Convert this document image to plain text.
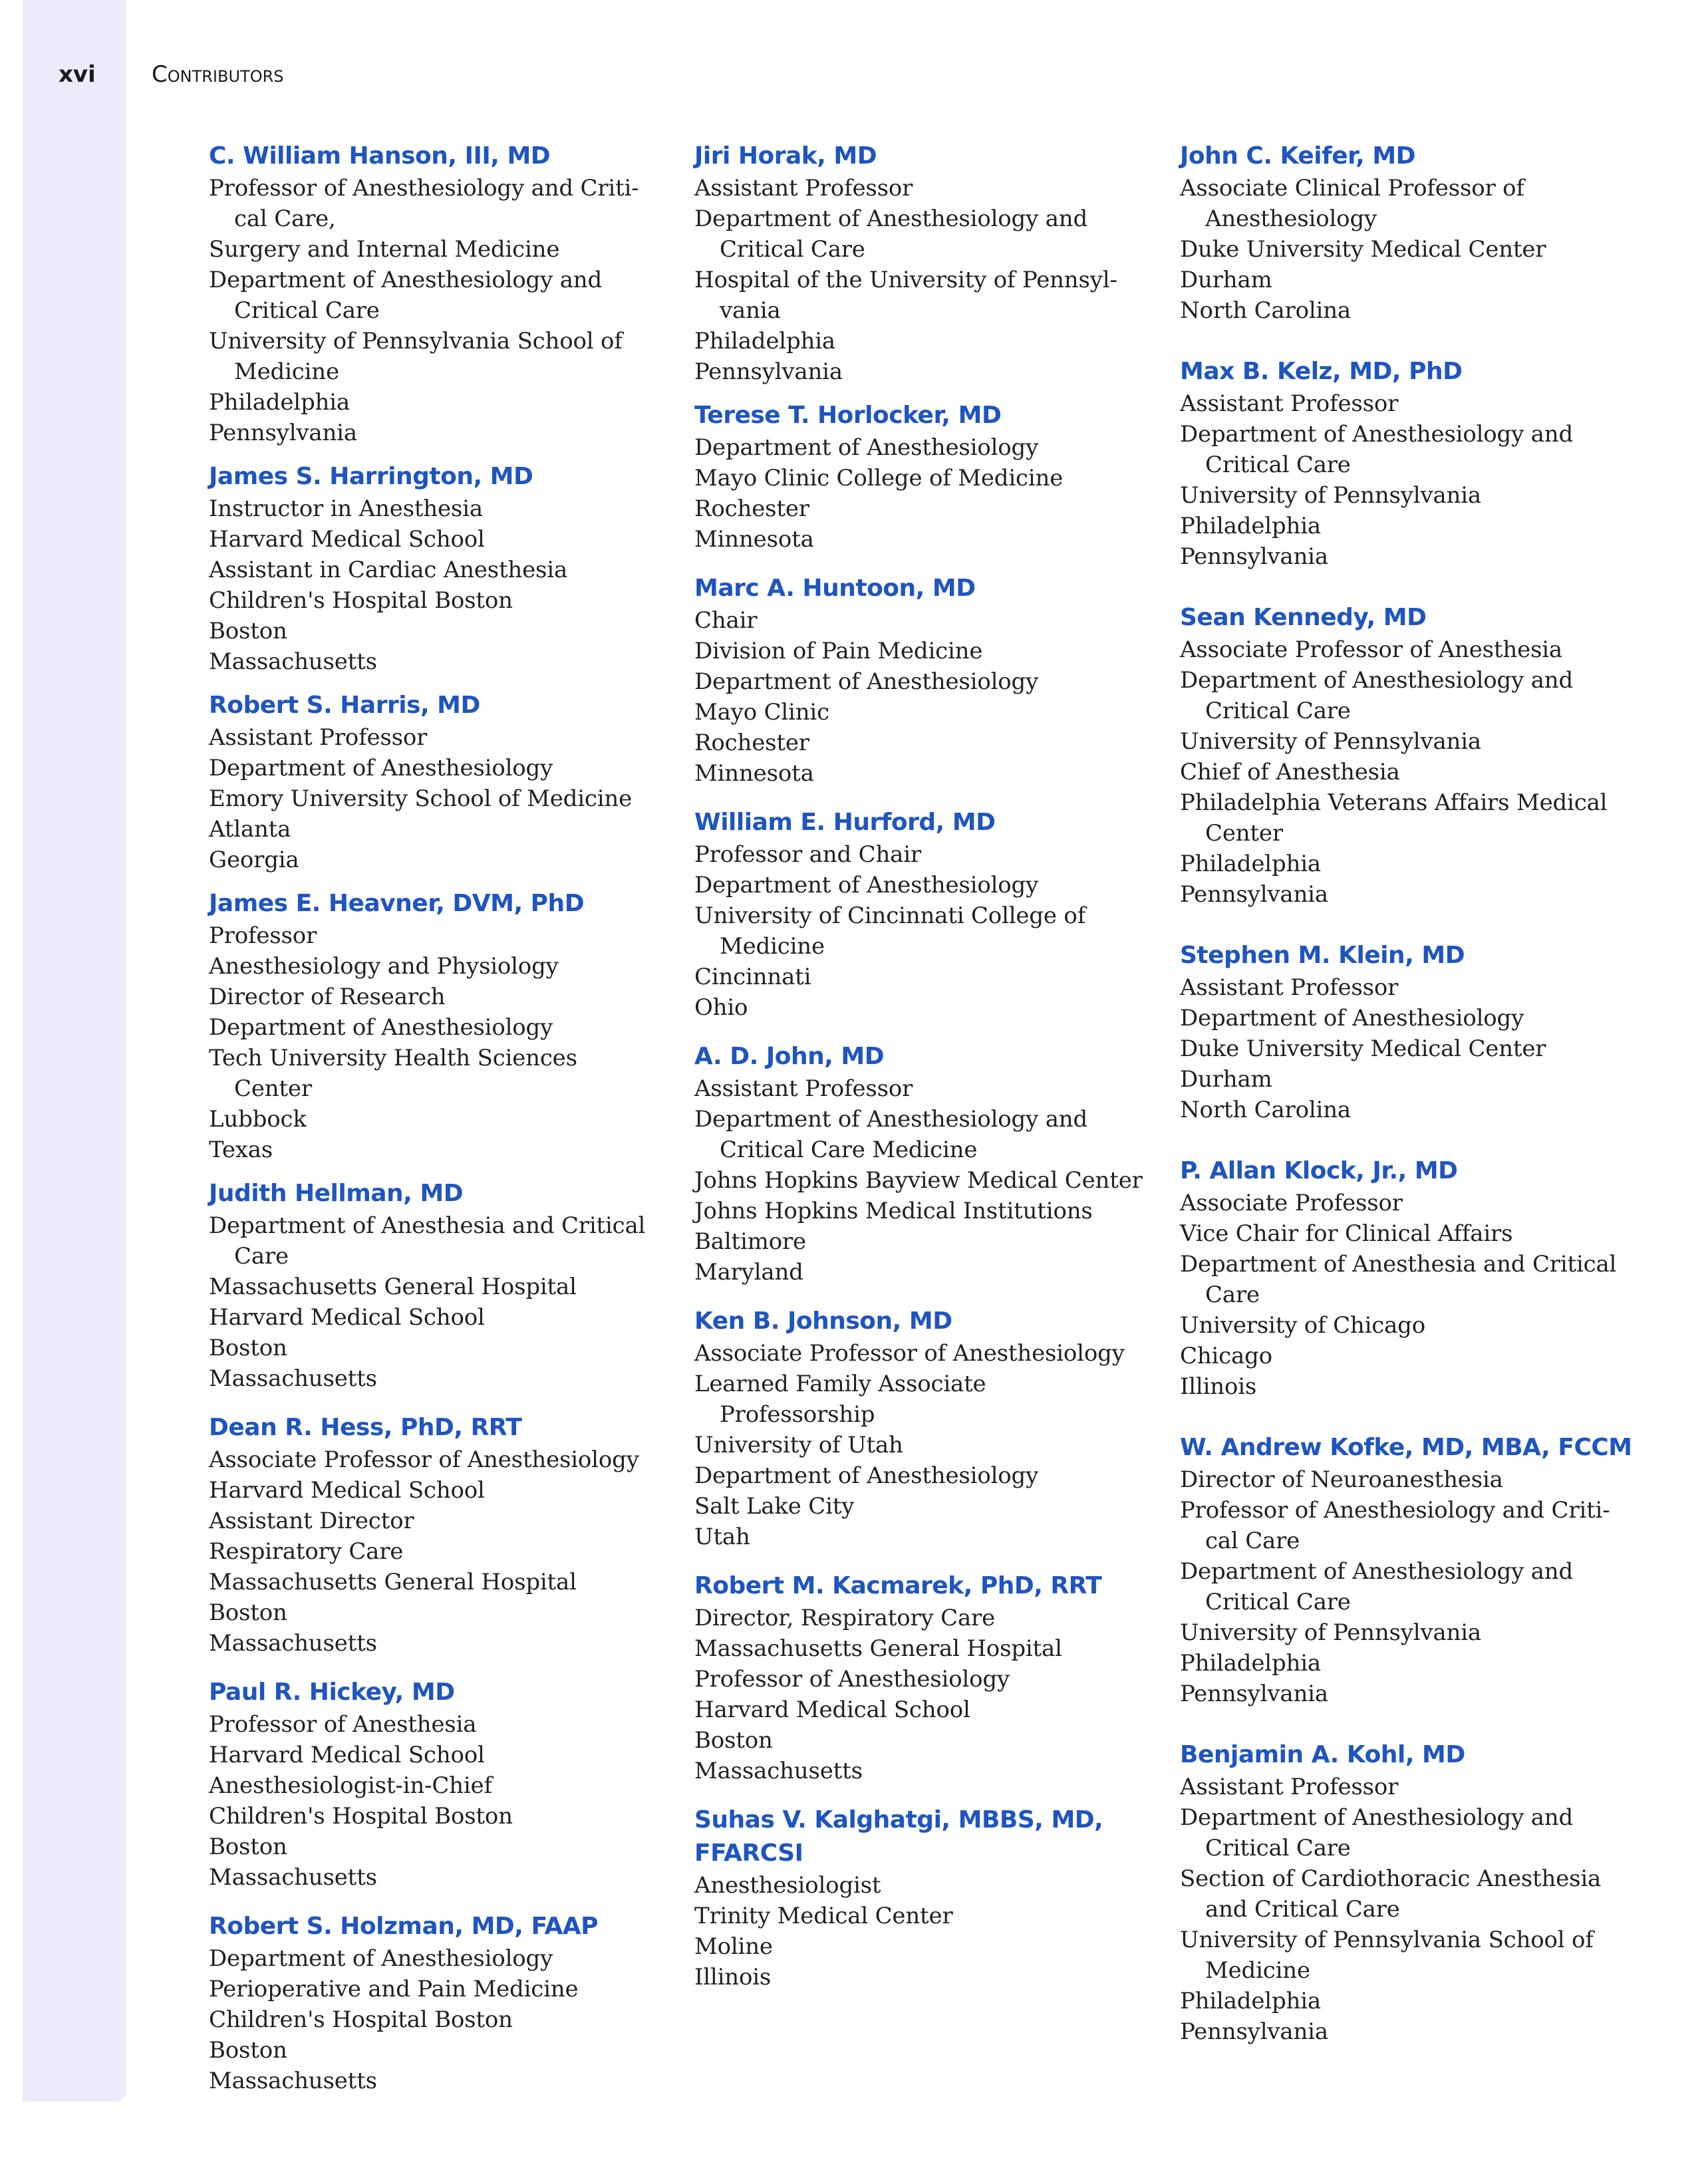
xvi Contributors
C. William Hanson, III, MD
Professor of Anesthesiology and Criti-cal Care,
Surgery and Internal Medicine
Department of Anesthesiology and Critical Care
University of Pennsylvania School of Medicine
Philadelphia
Pennsylvania
James S. Harrington, MD
Instructor in Anesthesia
Harvard Medical School
Assistant in Cardiac Anesthesia
Children's Hospital Boston
Boston
Massachusetts
Robert S. Harris, MD
Assistant Professor
Department of Anesthesiology
Emory University School of Medicine
Atlanta
Georgia
James E. Heavner, DVM, PhD
Professor
Anesthesiology and Physiology
Director of Research
Department of Anesthesiology
Tech University Health Sciences Center
Lubbock
Texas
Judith Hellman, MD
Department of Anesthesia and Critical Care
Massachusetts General Hospital
Harvard Medical School
Boston
Massachusetts
Dean R. Hess, PhD, RRT
Associate Professor of Anesthesiology
Harvard Medical School
Assistant Director
Respiratory Care
Massachusetts General Hospital
Boston
Massachusetts
Paul R. Hickey, MD
Professor of Anesthesia
Harvard Medical School
Anesthesiologist-in-Chief
Children's Hospital Boston
Boston
Massachusetts
Robert S. Holzman, MD, FAAP
Department of Anesthesiology
Perioperative and Pain Medicine
Children's Hospital Boston
Boston
Massachusetts
Jiri Horak, MD
Assistant Professor
Department of Anesthesiology and Critical Care
Hospital of the University of Pennsyl-vania
Philadelphia
Pennsylvania
Terese T. Horlocker, MD
Department of Anesthesiology
Mayo Clinic College of Medicine
Rochester
Minnesota
Marc A. Huntoon, MD
Chair
Division of Pain Medicine
Department of Anesthesiology
Mayo Clinic
Rochester
Minnesota
William E. Hurford, MD
Professor and Chair
Department of Anesthesiology
University of Cincinnati College of Medicine
Cincinnati
Ohio
A. D. John, MD
Assistant Professor
Department of Anesthesiology and Critical Care Medicine
Johns Hopkins Bayview Medical Center
Johns Hopkins Medical Institutions
Baltimore
Maryland
Ken B. Johnson, MD
Associate Professor of Anesthesiology
Learned Family Associate Professorship
University of Utah
Department of Anesthesiology
Salt Lake City
Utah
Robert M. Kacmarek, PhD, RRT
Director, Respiratory Care
Massachusetts General Hospital
Professor of Anesthesiology
Harvard Medical School
Boston
Massachusetts
Suhas V. Kalghatgi, MBBS, MD, FFARCSI
Anesthesiologist
Trinity Medical Center
Moline
Illinois
John C. Keifer, MD
Associate Clinical Professor of Anesthesiology
Duke University Medical Center
Durham
North Carolina
Max B. Kelz, MD, PhD
Assistant Professor
Department of Anesthesiology and Critical Care
University of Pennsylvania
Philadelphia
Pennsylvania
Sean Kennedy, MD
Associate Professor of Anesthesia
Department of Anesthesiology and Critical Care
University of Pennsylvania
Chief of Anesthesia
Philadelphia Veterans Affairs Medical Center
Philadelphia
Pennsylvania
Stephen M. Klein, MD
Assistant Professor
Department of Anesthesiology
Duke University Medical Center
Durham
North Carolina
P. Allan Klock, Jr., MD
Associate Professor
Vice Chair for Clinical Affairs
Department of Anesthesia and Critical Care
University of Chicago
Chicago
Illinois
W. Andrew Kofke, MD, MBA, FCCM
Director of Neuroanesthesia
Professor of Anesthesiology and Criti-cal Care
Department of Anesthesiology and Critical Care
University of Pennsylvania
Philadelphia
Pennsylvania
Benjamin A. Kohl, MD
Assistant Professor
Department of Anesthesiology and Critical Care
Section of Cardiothoracic Anesthesia and Critical Care
University of Pennsylvania School of Medicine
Philadelphia
Pennsylvania
